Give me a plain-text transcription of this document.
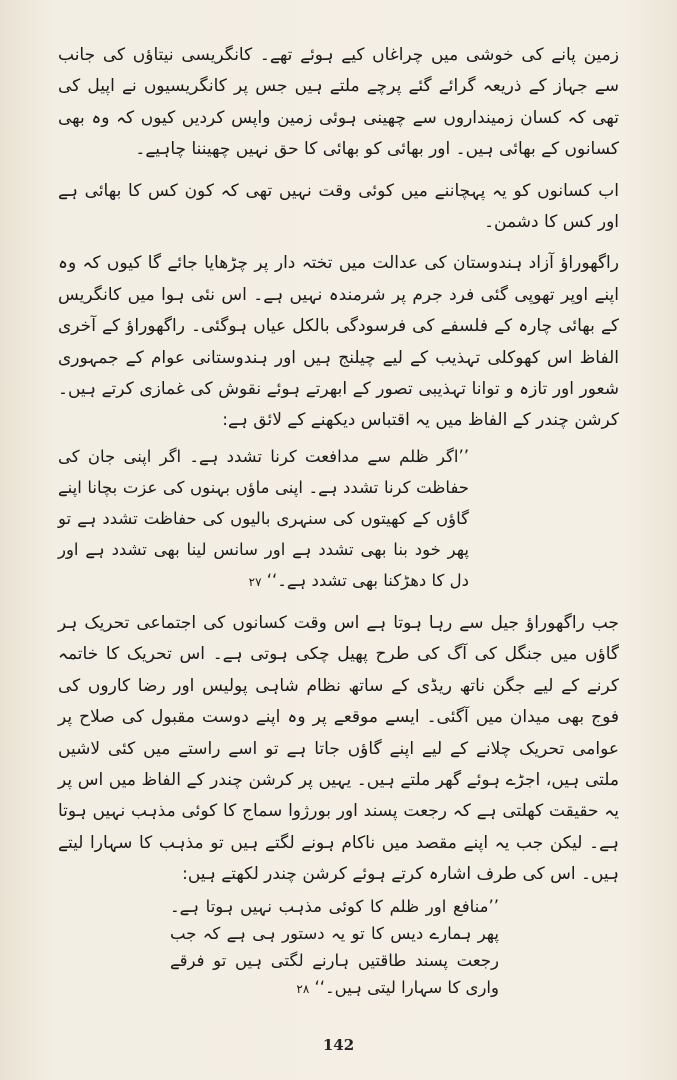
زمین پانے کی خوشی میں چراغاں کیے ہوئے تھے۔ کانگریسی نیتاؤں کی جانب سے جہاز کے ذریعہ گرائے گئے پرچے ملتے ہیں جس پر کانگریسیوں نے اپیل کی تھی کہ کسان زمینداروں سے چھینی ہوئی زمین واپس کردیں کیوں کہ وہ بھی کسانوں کے بھائی ہیں۔ اور بھائی کو بھائی کا حق نہیں چھیننا چاہیے۔

اب کسانوں کو یہ پہچاننے میں کوئی وقت نہیں تھی کہ کون کس کا بھائی ہے اور کس کا دشمن۔

راگھوراؤ آزاد ہندوستان کی عدالت میں تختہ دار پر چڑھایا جائے گا کیوں کہ وہ اپنے اوپر تھوپی گئی فرد جرم پر شرمندہ نہیں ہے۔ اس نئی ہوا میں کانگریس کے بھائی چارہ کے فلسفے کی فرسودگی بالکل عیاں ہوگئی۔ راگھوراؤ کے آخری الفاظ اس کھوکلی تہذیب کے لیے چیلنج ہیں اور ہندوستانی عوام کے جمہوری شعور اور تازہ و توانا تہذیبی تصور کے ابھرتے ہوئے نقوش کی غمازی کرتے ہیں۔ کرشن چندر کے الفاظ میں یہ اقتباس دیکھنے کے لائق ہے:

’’اگر ظلم سے مدافعت کرنا تشدد ہے۔ اگر اپنی جان کی حفاظت کرنا تشدد ہے۔ اپنی ماؤں بہنوں کی عزت بچانا اپنے گاؤں کے کھیتوں کی سنہری بالیوں کی حفاظت تشدد ہے تو پھر خود بنا بھی تشدد ہے اور سانس لینا بھی تشدد ہے اور دل کا دھڑکنا بھی تشدد ہے۔‘‘ ۲۷

جب راگھوراؤ جیل سے رہا ہوتا ہے اس وقت کسانوں کی اجتماعی تحریک ہر گاؤں میں جنگل کی آگ کی طرح پھیل چکی ہوتی ہے۔ اس تحریک کا خاتمہ کرنے کے لیے جگن ناتھ ریڈی کے ساتھ نظام شاہی پولیس اور رضا کاروں کی فوج بھی میدان میں آگئی۔ ایسے موقعے پر وہ اپنے دوست مقبول کی صلاح پر عوامی تحریک چلانے کے لیے اپنے گاؤں جاتا ہے تو اسے راستے میں کئی لاشیں ملتی ہیں، اجڑے ہوئے گھر ملتے ہیں۔ یہیں پر کرشن چندر کے الفاظ میں اس پر یہ حقیقت کھلتی ہے کہ رجعت پسند اور بورژوا سماج کا کوئی مذہب نہیں ہوتا ہے۔ لیکن جب یہ اپنے مقصد میں ناکام ہونے لگتے ہیں تو مذہب کا سہارا لیتے ہیں۔ اس کی طرف اشارہ کرتے ہوئے کرشن چندر لکھتے ہیں:

’’منافع اور ظلم کا کوئی مذہب نہیں ہوتا ہے۔ پھر ہمارے دیس کا تو یہ دستور ہی ہے کہ جب رجعت پسند طاقتیں ہارنے لگتی ہیں تو فرقے واری کا سہارا لیتی ہیں۔‘‘ ۲۸
142
